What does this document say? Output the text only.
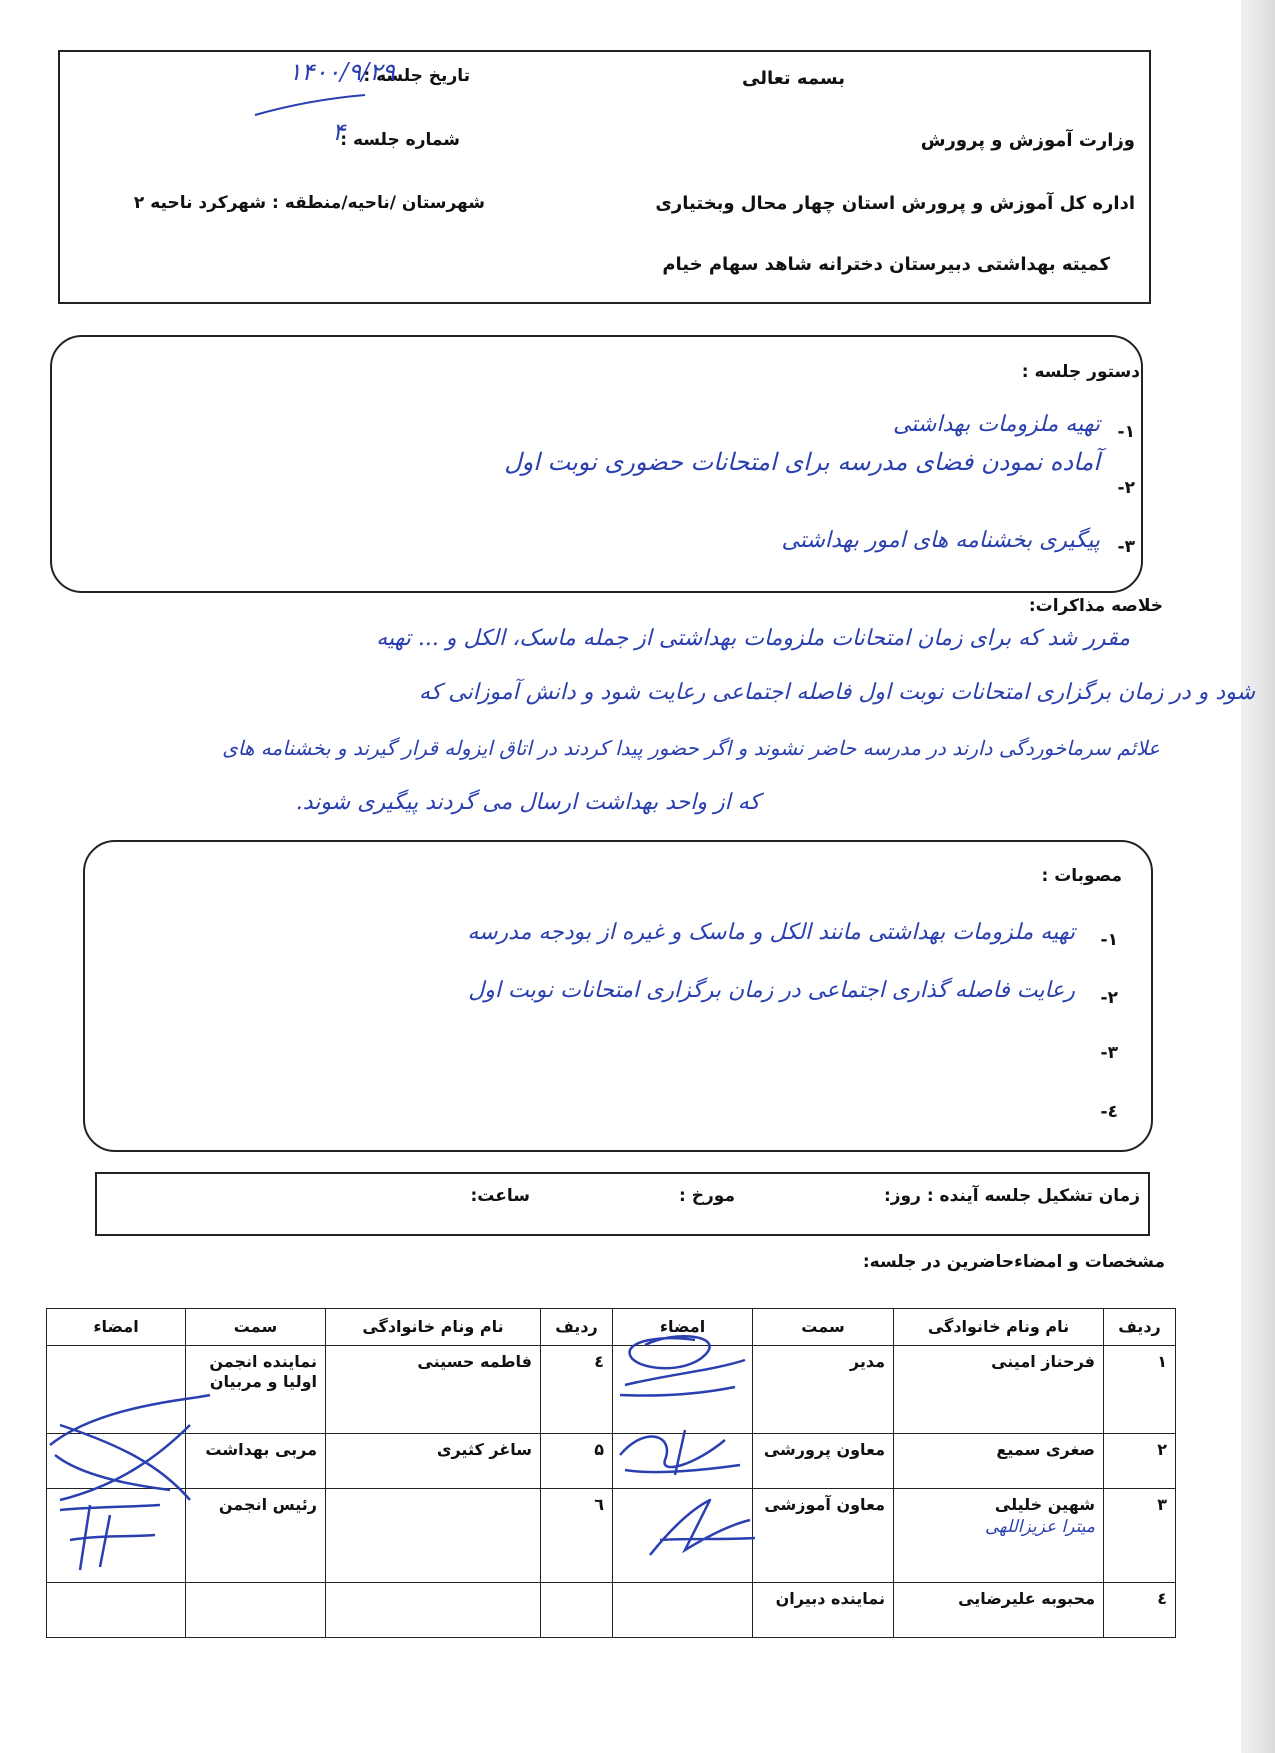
بسمه تعالی
وزارت آموزش و پرورش
اداره کل آموزش و پرورش استان چهار محال وبختیاری
کمیته بهداشتی دبیرستان دخترانه شاهد سهام خیام
تاریخ جلسه :
۱۴۰۰/۹/۲۹
شماره جلسه :
۴
شهرستان /ناحیه/منطقه : شهرکرد ناحیه ۲
دستور جلسه :
۱-
تهیه ملزومات بهداشتی
۲-
آماده نمودن فضای مدرسه برای امتحانات حضوری نوبت اول
۳-
پیگیری بخشنامه های امور بهداشتی
خلاصه مذاکرات:
مقرر شد که برای زمان امتحانات ملزومات بهداشتی از جمله ماسک، الکل و ... تهیه
شود و در زمان برگزاری امتحانات نوبت اول فاصله اجتماعی رعایت شود و دانش آموزانی که
علائم سرماخوردگی دارند در مدرسه حاضر نشوند و اگر حضور پیدا کردند در اتاق ایزوله قرار گیرند و بخشنامه های
که از واحد بهداشت ارسال می گردند پیگیری شوند.
مصوبات :
۱-
تهیه ملزومات بهداشتی مانند الکل و ماسک و غیره از بودجه مدرسه
۲-
رعایت فاصله گذاری اجتماعی در زمان برگزاری امتحانات نوبت اول
۳-
٤-
زمان تشکیل جلسه آینده : روز:
مورخ :
ساعت:
مشخصات و امضاءحاضرین در جلسه:
ردیف	نام ونام خانوادگی	سمت	امضاء	ردیف	نام ونام خانوادگی	سمت	امضاء
۱	فرحناز امینی	مدیر		٤	فاطمه حسینی	نماینده انجمن اولیا و مربیان	
۲	صغری سمیع	معاون پرورشی		۵	ساغر کثیری	مربی بهداشت	
۳	شهین خلیلی
میترا عزیزاللهی	معاون آموزشی		٦		رئیس انجمن	
٤	محبوبه علیرضایی	نماینده دبیران					
